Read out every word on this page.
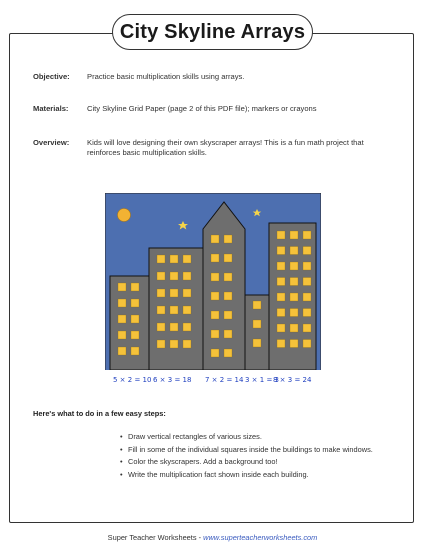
City Skyline Arrays
Objective: Practice basic multiplication skills using arrays.
Materials: City Skyline Grid Paper (page 2 of this PDF file); markers or crayons
Overview: Kids will love designing their own skyscraper arrays! This is a fun math project that reinforces basic multiplication skills.
5 × 2 = 10 6 × 3 = 18 7 × 2 = 14 3 × 1 = 3
8 × 3 = 24
Here's what to do in a few easy steps:
• Draw vertical rectangles of various sizes.
• Fill in some of the individual squares inside the buildings to make windows.
• Color the skyscrapers. Add a background too!
• Write the multiplication fact shown inside each building.
Super Teacher Worksheets - www.superteacherworksheets.com
